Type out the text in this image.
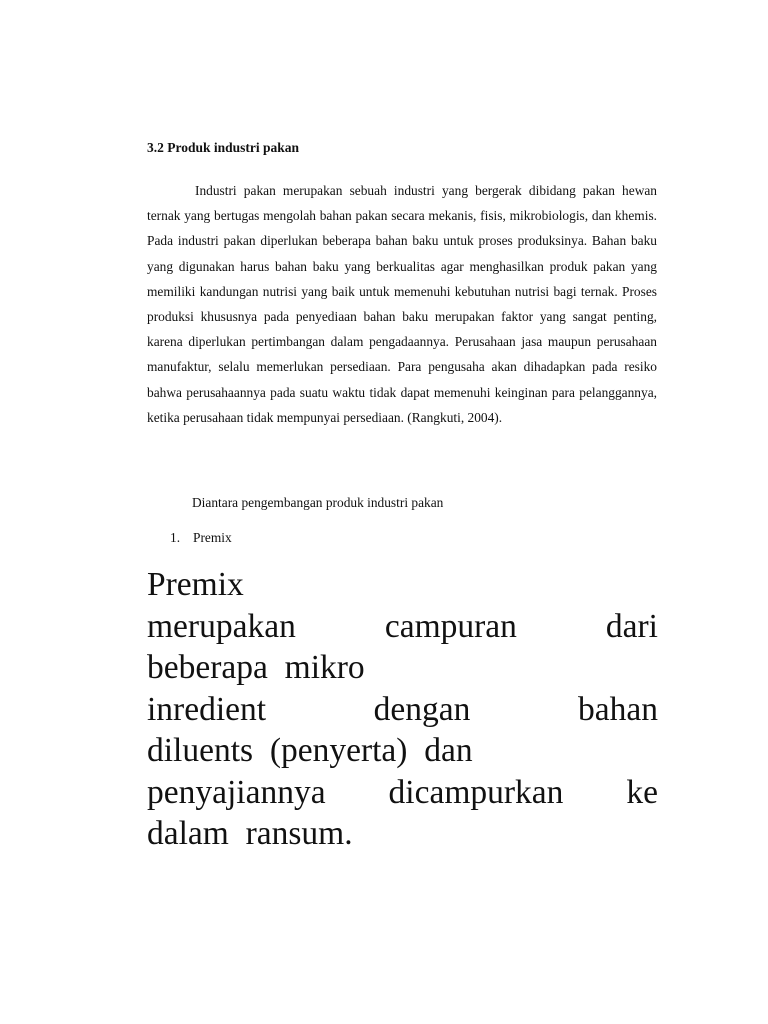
3.2 Produk industri pakan

Industri pakan merupakan sebuah industri yang bergerak dibidang pakan hewan ternak yang bertugas mengolah bahan pakan secara mekanis, fisis, mikrobiologis, dan khemis. Pada industri pakan diperlukan beberapa bahan baku untuk proses produksinya. Bahan baku yang digunakan harus bahan baku yang berkualitas agar menghasilkan produk pakan yang memiliki kandungan nutrisi yang baik untuk memenuhi kebutuhan nutrisi bagi ternak. Proses produksi khususnya pada penyediaan bahan baku merupakan faktor yang sangat penting, karena diperlukan pertimbangan dalam pengadaannya. Perusahaan jasa maupun perusahaan manufaktur, selalu memerlukan persediaan. Para pengusaha akan dihadapkan pada resiko bahwa perusahaannya pada suatu waktu tidak dapat memenuhi keinginan para pelanggannya, ketika perusahaan tidak mempunyai persediaan. (Rangkuti, 2004).

Diantara pengembangan produk industri pakan

1. Premix
Premix
merupakan	campuran	dari
beberapa  mikro
inredient	dengan	bahan
diluents  (penyerta)  dan
penyajiannya dicampurkan ke
dalam  ransum.
